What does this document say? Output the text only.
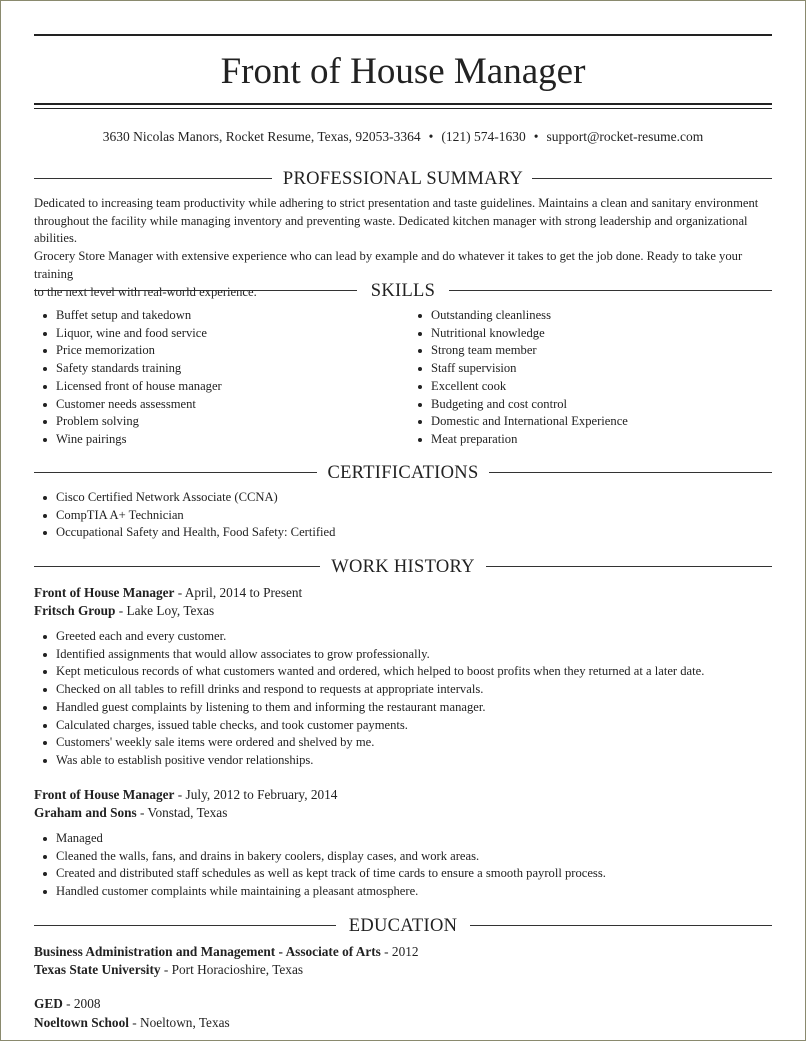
Front of House Manager
3630 Nicolas Manors, Rocket Resume, Texas, 92053-3364 • (121) 574-1630 • support@rocket-resume.com
PROFESSIONAL SUMMARY
Dedicated to increasing team productivity while adhering to strict presentation and taste guidelines. Maintains a clean and sanitary environment
throughout the facility while managing inventory and preventing waste. Dedicated kitchen manager with strong leadership and organizational abilities.
Grocery Store Manager with extensive experience who can lead by example and do whatever it takes to get the job done. Ready to take your training
to the next level with real-world experience.	SKILLS
Buffet setup and takedown
Liquor, wine and food service
Price memorization
Safety standards training
Licensed front of house manager
Customer needs assessment
Problem solving
Wine pairings
Outstanding cleanliness
Nutritional knowledge
Strong team member
Staff supervision
Excellent cook
Budgeting and cost control
Domestic and International Experience
Meat preparation
CERTIFICATIONS
Cisco Certified Network Associate (CCNA)
CompTIA A+ Technician
Occupational Safety and Health, Food Safety: Certified
WORK HISTORY
Front of House Manager - April, 2014 to Present
Fritsch Group - Lake Loy, Texas
Greeted each and every customer.
Identified assignments that would allow associates to grow professionally.
Kept meticulous records of what customers wanted and ordered, which helped to boost profits when they returned at a later date.
Checked on all tables to refill drinks and respond to requests at appropriate intervals.
Handled guest complaints by listening to them and informing the restaurant manager.
Calculated charges, issued table checks, and took customer payments.
Customers' weekly sale items were ordered and shelved by me.
Was able to establish positive vendor relationships.
Front of House Manager - July, 2012 to February, 2014
Graham and Sons - Vonstad, Texas
Managed
Cleaned the walls, fans, and drains in bakery coolers, display cases, and work areas.
Created and distributed staff schedules as well as kept track of time cards to ensure a smooth payroll process.
Handled customer complaints while maintaining a pleasant atmosphere.
EDUCATION
Business Administration and Management - Associate of Arts - 2012
Texas State University - Port Horacioshire, Texas
GED - 2008
Noeltown School - Noeltown, Texas
